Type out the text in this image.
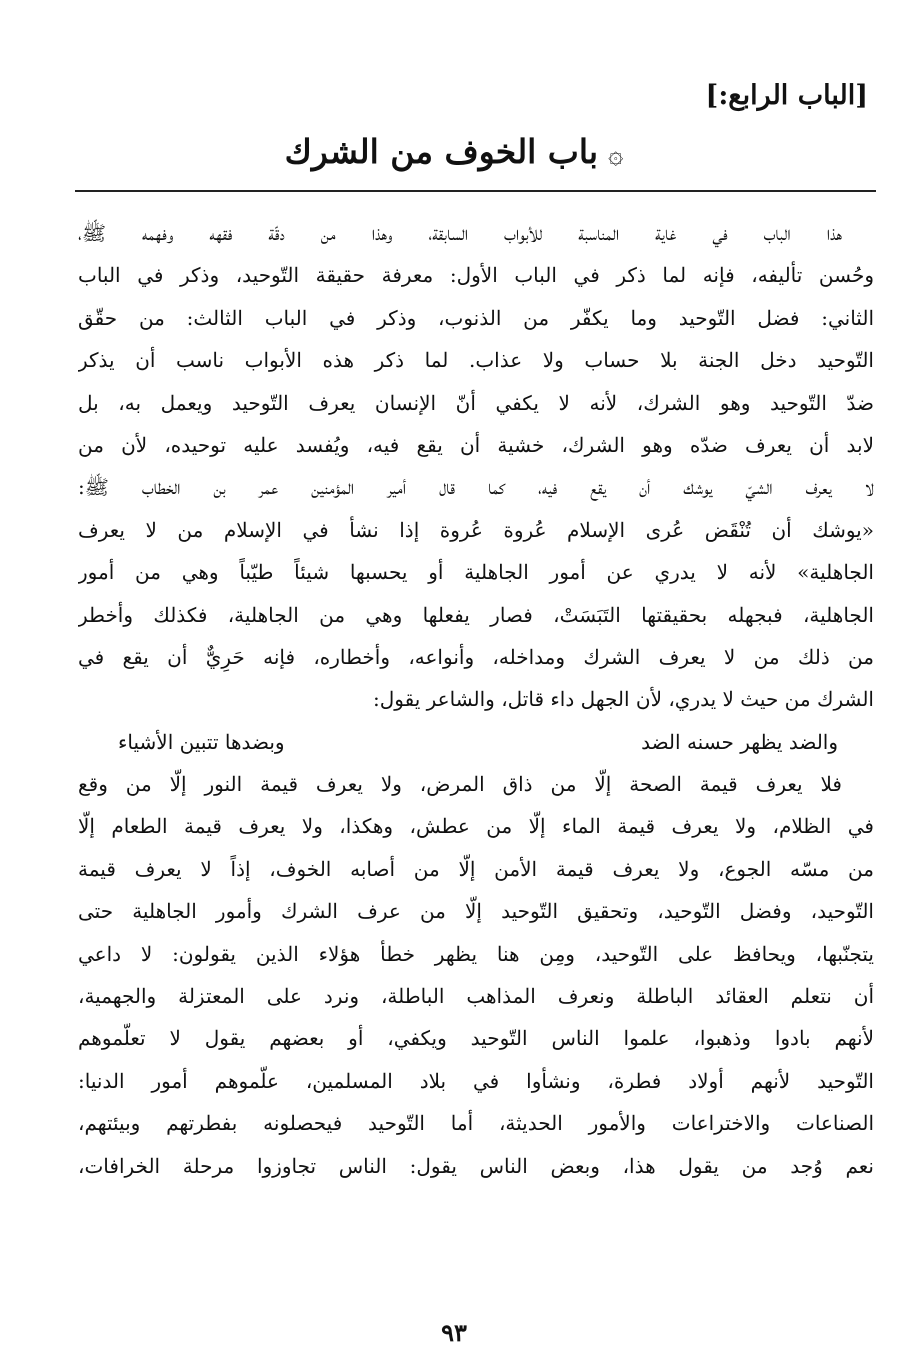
[الباب الرابع:]
۞باب الخوف من الشرك
هذا الباب في غاية المناسبة للأبواب السابقة، وهذا من دقّة فقهه وفهمه ﷺ،
وحُسن تأليفه، فإنه لما ذكر في الباب الأول: معرفة حقيقة التّوحيد، وذكر في الباب
الثاني: فضل التّوحيد وما يكفّر من الذنوب، وذكر في الباب الثالث: من حقّق
التّوحيد دخل الجنة بلا حساب ولا عذاب. لما ذكر هذه الأبواب ناسب أن يذكر
ضدّ التّوحيد وهو الشرك، لأنه لا يكفي أنّ الإنسان يعرف التّوحيد ويعمل به، بل
لابد أن يعرف ضدّه وهو الشرك، خشية أن يقع فيه، ويُفسد عليه توحيده، لأن من
لا يعرف الشيّ يوشك أن يقع فيه، كما قال أمير المؤمنين عمر بن الخطاب ﷺ:
«يوشك أن تُنْقَض عُرى الإسلام عُروة عُروة إذا نشأ في الإسلام من لا يعرف
الجاهلية» لأنه لا يدري عن أمور الجاهلية أو يحسبها شيئاً طيّباً وهي من أمور
الجاهلية، فبجهله بحقيقتها التَبَسَتْ، فصار يفعلها وهي من الجاهلية، فكذلك وأخطر
من ذلك من لا يعرف الشرك ومداخله، وأنواعه، وأخطاره، فإنه حَرِيٌّ أن يقع في
الشرك من حيث لا يدري، لأن الجهل داء قاتل، والشاعر يقول:
والضد يظهر حسنه الضد
وبضدها تتبين الأشياء
فلا يعرف قيمة الصحة إلّا من ذاق المرض، ولا يعرف قيمة النور إلّا من وقع
في الظلام، ولا يعرف قيمة الماء إلّا من عطش، وهكذا، ولا يعرف قيمة الطعام إلّا
من مسّه الجوع، ولا يعرف قيمة الأمن إلّا من أصابه الخوف، إذاً لا يعرف قيمة
التّوحيد، وفضل التّوحيد، وتحقيق التّوحيد إلّا من عرف الشرك وأمور الجاهلية حتى
يتجنّبها، ويحافظ على التّوحيد، ومِن هنا يظهر خطأ هؤلاء الذين يقولون: لا داعي
أن نتعلم العقائد الباطلة ونعرف المذاهب الباطلة، ونرد على المعتزلة والجهمية،
لأنهم بادوا وذهبوا، علموا الناس التّوحيد ويكفي، أو بعضهم يقول لا تعلّموهم
التّوحيد لأنهم أولاد فطرة، ونشأوا في بلاد المسلمين، علّموهم أمور الدنيا:
الصناعات والاختراعات والأمور الحديثة، أما التّوحيد فيحصلونه بفطرتهم وبيئتهم،
نعم وُجد من يقول هذا، وبعض الناس يقول: الناس تجاوزوا مرحلة الخرافات،
٩٣
